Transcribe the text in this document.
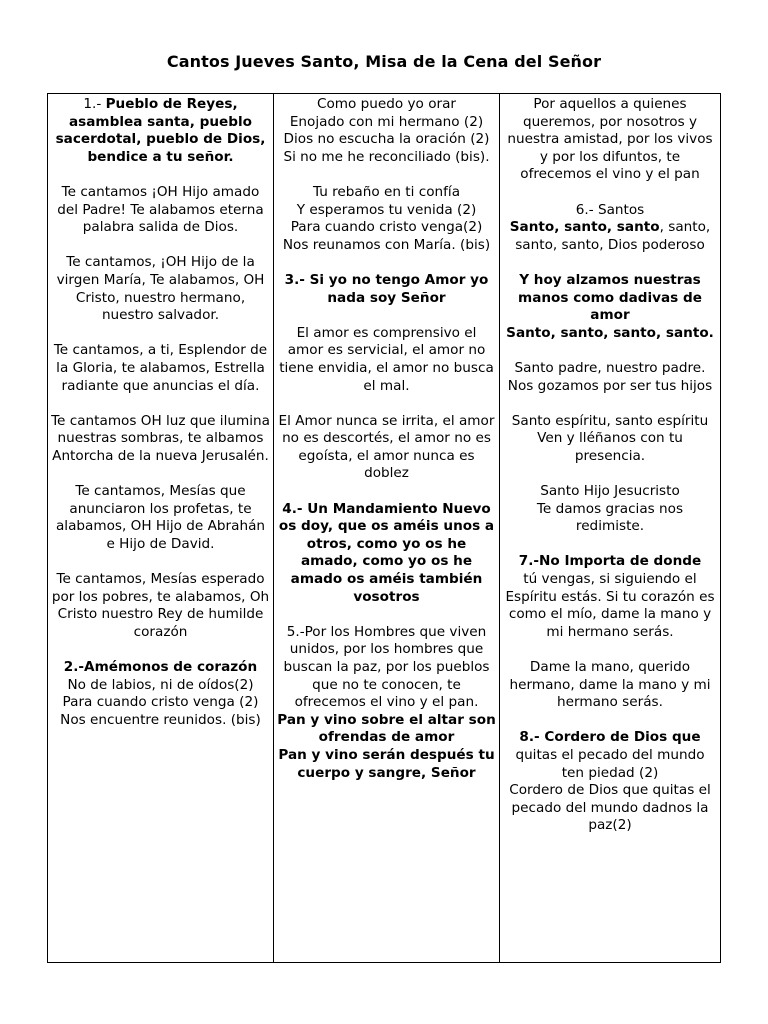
Cantos Jueves Santo, Misa de la Cena del Señor

1.- Pueblo de Reyes, asamblea santa, pueblo sacerdotal, pueblo de Dios, bendice a tu señor.

Te cantamos ¡OH Hijo amado del Padre! Te alabamos eterna palabra salida de Dios.

Te cantamos, ¡OH Hijo de la virgen María, Te alabamos, OH Cristo, nuestro hermano, nuestro salvador.

Te cantamos, a ti, Esplendor de la Gloria, te alabamos, Estrella radiante que anuncias el día.

Te cantamos OH luz que ilumina nuestras sombras, te albamos Antorcha de la nueva Jerusalén.

Te cantamos, Mesías que anunciaron los profetas, te alabamos, OH Hijo de Abrahán e Hijo de David.

Te cantamos, Mesías esperado por los pobres, te alabamos, Oh Cristo nuestro Rey de humilde corazón

2.-Amémonos de corazón

No de labios, ni de oídos(2)

Para cuando cristo venga (2)

Nos encuentre reunidos. (bis)

Como puedo yo orar

Enojado con mi hermano (2)

Dios no escucha la oración (2)

Si no me he reconciliado (bis).

Tu rebaño en ti confía

Y esperamos tu venida (2)

Para cuando cristo venga(2)

Nos reunamos con María. (bis)

3.- Si yo no tengo Amor yo nada soy Señor

El amor es comprensivo el amor es servicial, el amor no tiene envidia, el amor no busca el mal.

El Amor nunca se irrita, el amor no es descortés, el amor no es egoísta, el amor nunca es doblez

4.- Un Mandamiento Nuevo os doy, que os améis unos a otros, como yo os he amado, como yo os he amado os améis también vosotros

5.-Por los Hombres que viven unidos, por los hombres que buscan la paz, por los pueblos que no te conocen, te ofrecemos el vino y el pan.

Pan y vino sobre el altar son ofrendas de amor

Pan y vino serán después tu cuerpo y sangre, Señor

Por aquellos a quienes queremos, por nosotros y nuestra amistad, por los vivos y por los difuntos, te ofrecemos el vino y el pan

6.- Santos

Santo, santo, santo, santo, santo, santo, Dios poderoso

Y hoy alzamos nuestras manos como dadivas de amor

Santo, santo, santo, santo.

Santo padre, nuestro padre.

Nos gozamos por ser tus hijos

Santo espíritu, santo espíritu

Ven y lléñanos con tu presencia.

Santo Hijo Jesucristo

Te damos gracias nos redimiste.

7.-No Importa de donde

tú vengas, si siguiendo el Espíritu estás. Si tu corazón es como el mío, dame la mano y mi hermano serás.

Dame la mano, querido hermano, dame la mano y mi hermano serás.

8.- Cordero de Dios que

quitas el pecado del mundo ten piedad (2)

Cordero de Dios que quitas el pecado del mundo dadnos la paz(2)
